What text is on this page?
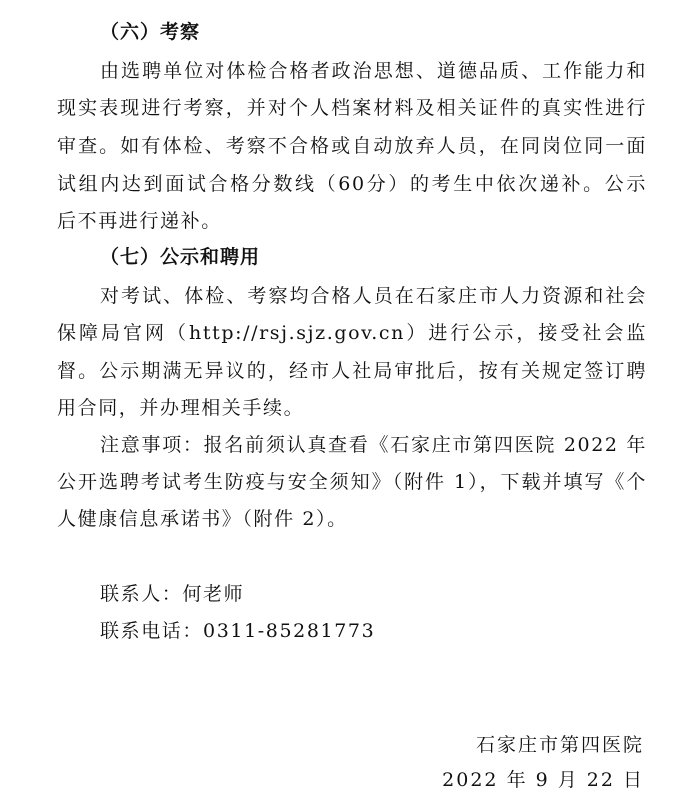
（六）考察
由选聘单位对体检合格者政治思想、道德品质、工作能力和
现实表现进行考察，并对个人档案材料及相关证件的真实性进行
审查。如有体检、考察不合格或自动放弃人员，在同岗位同一面
试组内达到面试合格分数线（60分）的考生中依次递补。公示
后不再进行递补。
（七）公示和聘用
对考试、体检、考察均合格人员在石家庄市人力资源和社会
保障局官网（http://rsj.sjz.gov.cn）进行公示，接受社会监
督。公示期满无异议的，经市人社局审批后，按有关规定签订聘
用合同，并办理相关手续。
注意事项：报名前须认真查看《石家庄市第四医院 2022 年
公开选聘考试考生防疫与安全须知》（附件 1），下载并填写《个
人健康信息承诺书》（附件 2）。
联系人：何老师
联系电话：0311-85281773
石家庄市第四医院
2022 年 9 月 22 日
